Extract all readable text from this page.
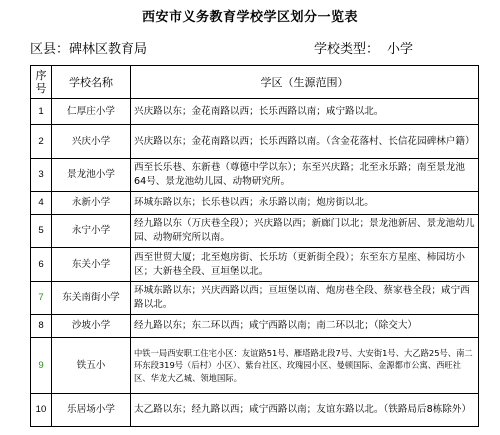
西安市义务教育学校学区划分一览表
区县：碑林区教育局	学校类型： 小学
序号	学校名称	学区（生源范围）
1	仁厚庄小学	兴庆路以东；金花南路以西；长乐西路以南；咸宁路以北。
2	兴庆小学	兴庆路以东；金花南路以西；长乐西路以南。（含金花落村、长信花园碑林户籍）
3	景龙池小学	西至长乐巷、东新巷（尊德中学以东）；东至兴庆路；北至永乐路；南至景龙池64号、景龙池幼儿园、动物研究所。
4	永新小学	环城东路以东；长乐巷以西；永乐路以南；炮房街以北。
5	永宁小学	经九路以东（万庆巷全段）；兴庆路以西；新廊门以北；景龙池新居、景龙池幼儿园、动物研究所以南。
6	东关小学	西至世贸大厦；北至炮房街、长乐坊（更新街全段）；东至东方星座、柿园坊小区；大新巷全段、亘垣堡以北。
7	东关南街小学	环城东路以东；兴庆西路以西；亘垣堡以南、炮房巷全段、蔡家巷全段；咸宁西路以北。
8	沙坡小学	经九路以东；东二环以西；咸宁西路以南；南二环以北；（除交大）
9	铁五小	中铁一局西安职工住宅小区：友谊路51号、雁塔路北段7号、大安街1号、大乙路25号、南二环东段319号（后村）小区）、紫台社区、玫瑰园小区、曼顿国际、金源都市公寓、西旺社区、华龙大乙城、领地国际。
10	乐居场小学	太乙路以东；经九路以西；咸宁西路以南；友谊东路以北。（铁路局后8栋除外）
